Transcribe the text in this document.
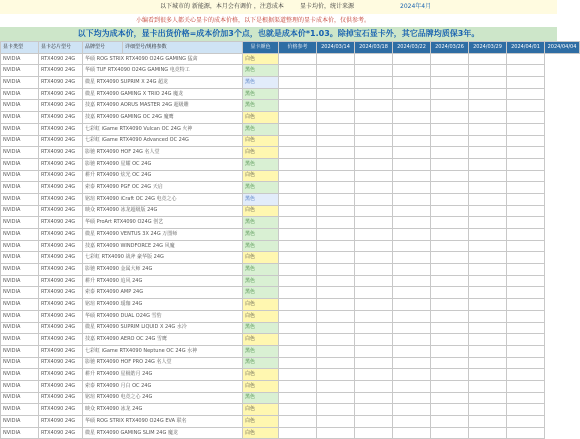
以下城市的 新能源，本月会有调价 ，注意成本	显卡均价，统计来源	2024年4月
小编看到很多人都关心显卡的成本价格，以下是根据渠道整理的显卡成本价，仅供参考。
以下均为成本价，显卡出货价格=成本价加3个点，也就是成本价*1.03。除掉宝石显卡外，其它品牌均质保3年。
显卡类型	显卡芯片型号	品牌型号	详细型号/规格参数	显卡颜色	价格参考	2024/03/14	2024/03/18	2024/03/22	2024/03/26	2024/03/29	2024/04/01	2024/04/04
NVIDIA	RTX4090 24G	华硕 ROG STRIX RTX4090 O24G GAMING 猛禽		白色								
NVIDIA	RTX4090 24G	华硕 TUF RTX4090 O24G GAMING 电竞特工		黑色								
NVIDIA	RTX4090 24G	微星 RTX4090 SUPRIM X 24G 超龙		黑色								
NVIDIA	RTX4090 24G	微星 RTX4090 GAMING X TRIO 24G 魔龙		黑色								
NVIDIA	RTX4090 24G	技嘉 RTX4090 AORUS MASTER 24G 超级雕		黑色								
NVIDIA	RTX4090 24G	技嘉 RTX4090 GAMING OC 24G 魔鹰		白色								
NVIDIA	RTX4090 24G	七彩虹 iGame RTX4090 Vulcan OC 24G 火神		黑色								
NVIDIA	RTX4090 24G	七彩虹 iGame RTX4090 Advanced OC 24G		白色								
NVIDIA	RTX4090 24G	影驰 RTX4090 HOF 24G 名人堂		白色								
NVIDIA	RTX4090 24G	影驰 RTX4090 星耀 OC 24G		黑色								
NVIDIA	RTX4090 24G	耕升 RTX4090 炫光 OC 24G		白色								
NVIDIA	RTX4090 24G	索泰 RTX4090 PGF OC 24G 天启		黑色								
NVIDIA	RTX4090 24G	铭瑄 RTX4090 iCraft OC 24G 电竞之心		黑色								
NVIDIA	RTX4090 24G	映众 RTX4090 冰龙超级版 24G		白色								
NVIDIA	RTX4090 24G	华硕 ProArt RTX4090 O24G 创艺		黑色								
NVIDIA	RTX4090 24G	微星 RTX4090 VENTUS 3X 24G 万图师		黑色								
NVIDIA	RTX4090 24G	技嘉 RTX4090 WINDFORCE 24G 风魔		黑色								
NVIDIA	RTX4090 24G	七彩虹 RTX4090 战斧 豪华版 24G		白色								
NVIDIA	RTX4090 24G	影驰 RTX4090 金属大师 24G		黑色								
NVIDIA	RTX4090 24G	耕升 RTX4090 追风 24G		黑色								
NVIDIA	RTX4090 24G	索泰 RTX4090 AMP 24G		黑色								
NVIDIA	RTX4090 24G	铭瑄 RTX4090 瑷珈 24G		白色								
NVIDIA	RTX4090 24G	华硕 RTX4090 DUAL O24G 雪豹		白色								
NVIDIA	RTX4090 24G	微星 RTX4090 SUPRIM LIQUID X 24G 水冷		黑色								
NVIDIA	RTX4090 24G	技嘉 RTX4090 AERO OC 24G 雪鹰		白色								
NVIDIA	RTX4090 24G	七彩虹 iGame RTX4090 Neptune OC 24G 水神		黑色								
NVIDIA	RTX4090 24G	影驰 RTX4090 HOF PRO 24G 名人堂		黑色								
NVIDIA	RTX4090 24G	耕升 RTX4090 星极皓月 24G		白色								
NVIDIA	RTX4090 24G	索泰 RTX4090 月白 OC 24G		白色								
NVIDIA	RTX4090 24G	铭瑄 RTX4090 电竞之心 24G		黑色								
NVIDIA	RTX4090 24G	映众 RTX4090 冰龙 24G		白色								
NVIDIA	RTX4090 24G	华硕 ROG STRIX RTX4090 O24G EVA 联名		白色								
NVIDIA	RTX4090 24G	微星 RTX4090 GAMING SLIM 24G 魔龙		白色								
